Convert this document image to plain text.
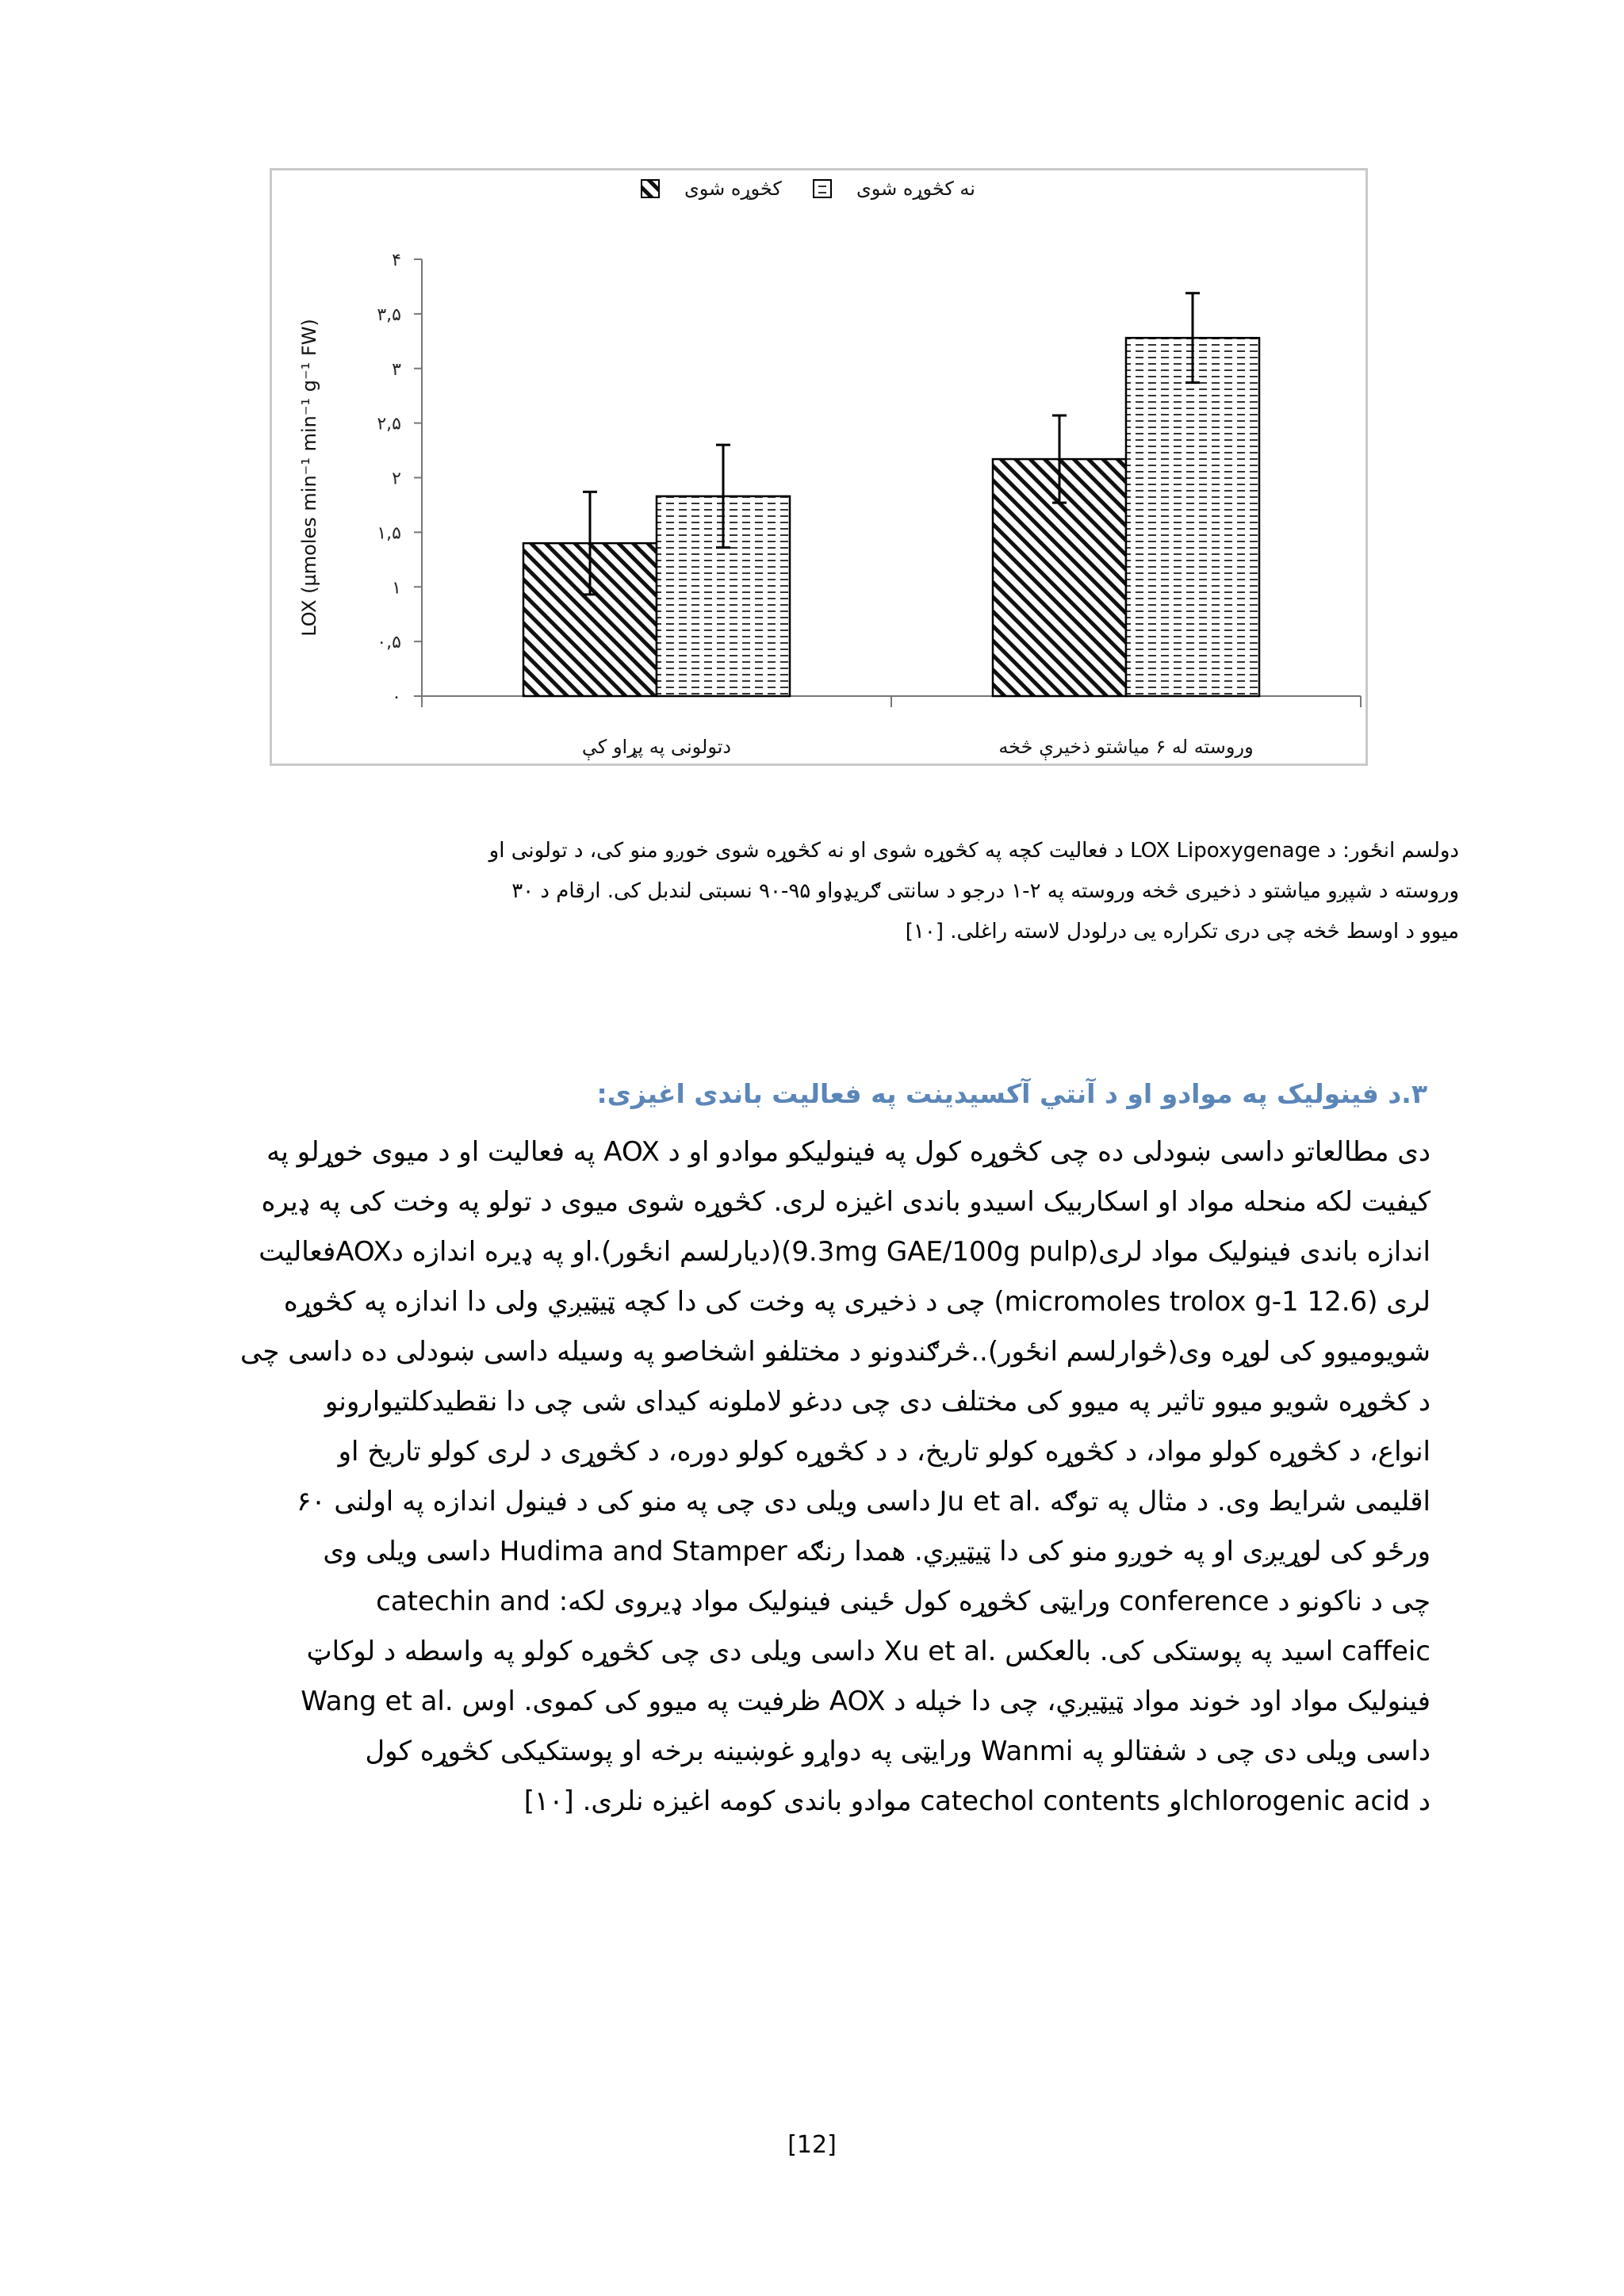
کڅوړه شوی	نه کڅوړه شوی
۰
۰,۵
۱
۱,۵
۲
۲,۵
۳
۳,۵
۴
LOX (µmoles min⁻¹ min⁻¹ g⁻¹ FW)
دتولونی په پړاو کې	وروسته له ۶ میاشتو ذخیرې څخه
دولسم انځور: د LOX Lipoxygenage د فعالیت کچه په کڅوړه شوی او نه کڅوړه شوی خوږو منو کی، د تولونی او
وروسته د شپږو میاشتو د ذخیری څخه وروسته په ۲-۱ درجو د سانتی ګریډواو ۹۵-۹۰ نسبتی لندبل کی. ارقام د ۳۰
میوو د اوسط څخه چی دری تکراره یی درلودل لاسته راغلی. [۱۰]
۳.د فینولیک په موادو او د آنتي آکسیدینت په فعالیت باندی اغیزی:
دی مطالعاتو داسی ښودلی ده چی کڅوړه کول په فینولیکو موادو او د AOX په فعالیت او د میوی خوړلو په
کیفیت لکه منحله مواد او اسکاربیک اسیدو باندی اغیزه لری. کڅوړه شوی میوی د تولو په وخت کی په ډیره
اندازه باندی فینولیک مواد لری(9.3mg GAE/100g pulp)(دیارلسم انځور).او په ډیره اندازه دAOXفعالیت
لری (12.6 micromoles trolox g-1) چی د ذخیری په وخت کی دا کچه ټیټیږي ولی دا اندازه په کڅوړه
شویومیوو کی لوړه وی(څوارلسم انځور)..څرګندونو د مختلفو اشخاصو په وسیله داسی ښودلی ده داسی چی
د کڅوړه شویو میوو تاثیر په میوو کی مختلف دی چی ددغو لاملونه کیدای شی چی دا نقطیدکلتیوارونو
انواع، د کڅوړه کولو مواد، د کڅوړه کولو تاریخ، د د کڅوړه کولو دوره، د کڅوړی د لری کولو تاریخ او
اقلیمی شرایط وی. د مثال په توګه .Ju et al داسی ویلی دی چی په منو کی د فینول اندازه په اولنی ۶۰
ورځو کی لوړیږی او په خوږو منو کی دا ټیټیږي. همدا رنګه Hudima and Stamper داسی ویلی وی
چی د ناکونو د conference ورایټی کڅوړه کول ځینی فینولیک مواد ډیروی لکه: catechin and
caffeic اسید په پوستکی کی. بالعکس .Xu et al داسی ویلی دی چی کڅوړه کولو په واسطه د لوکاټ
فینولیک مواد اود خوند مواد ټیټیږي، چی دا خپله د AOX ظرفیت په میوو کی کموی. اوس .Wang et al
داسی ویلی دی چی د شفتالو په Wanmi ورایټی په دواړو غوښینه برخه او پوستکیکی کڅوړه کول
د chlorogenic acidاو catechol contents موادو باندی کومه اغیزه نلری. [۱۰]
[12]
